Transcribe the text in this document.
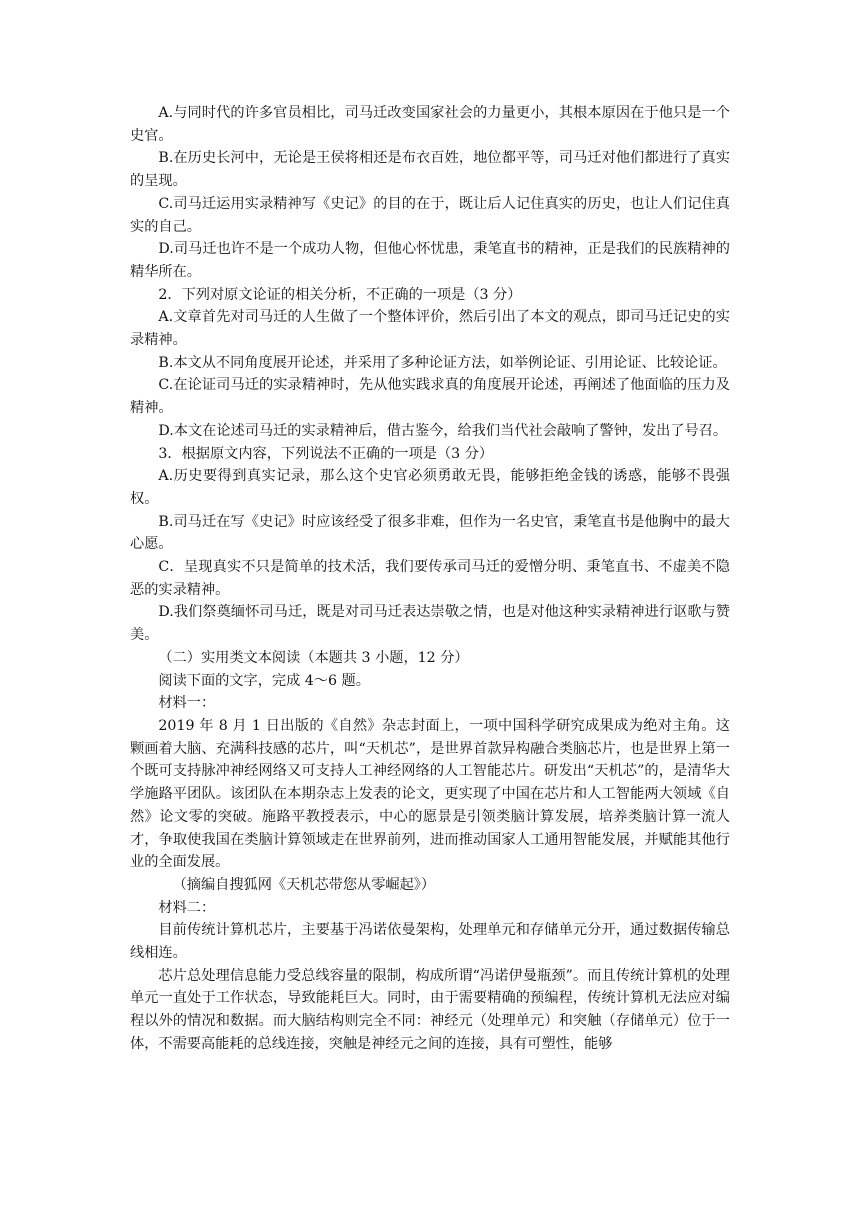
A.与同时代的许多官员相比，司马迁改变国家社会的力量更小，其根本原因在于他只是一个史官。

B.在历史长河中，无论是王侯将相还是布衣百姓，地位都平等，司马迁对他们都进行了真实的呈现。

C.司马迁运用实录精神写《史记》的目的在于，既让后人记住真实的历史，也让人们记住真实的自己。

D.司马迁也许不是一个成功人物，但他心怀忧患，秉笔直书的精神，正是我们的民族精神的精华所在。

2．下列对原文论证的相关分析，不正确的一项是（3 分）

A.文章首先对司马迁的人生做了一个整体评价，然后引出了本文的观点，即司马迁记史的实录精神。

B.本文从不同角度展开论述，并采用了多种论证方法，如举例论证、引用论证、比较论证。

C.在论证司马迁的实录精神时，先从他实践求真的角度展开论述，再阐述了他面临的压力及精神。

D.本文在论述司马迁的实录精神后，借古鉴今，给我们当代社会敲响了警钟，发出了号召。

3．根据原文内容，下列说法不正确的一项是（3 分）

A.历史要得到真实记录，那么这个史官必须勇敢无畏，能够拒绝金钱的诱惑，能够不畏强权。

B.司马迁在写《史记》时应该经受了很多非难，但作为一名史官，秉笔直书是他胸中的最大心愿。

C．呈现真实不只是简单的技术活，我们要传承司马迁的爱憎分明、秉笔直书、不虚美不隐恶的实录精神。

D.我们祭奠缅怀司马迁，既是对司马迁表达崇敬之情，也是对他这种实录精神进行讴歌与赞美。

（二）实用类文本阅读（本题共 3 小题，12 分）

阅读下面的文字，完成 4～6 题。

材料一：

2019 年 8 月 1 日出版的《自然》杂志封面上，一项中国科学研究成果成为绝对主角。这颗画着大脑、充满科技感的芯片，叫“天机芯”，是世界首款异构融合类脑芯片，也是世界上第一个既可支持脉冲神经网络又可支持人工神经网络的人工智能芯片。研发出“天机芯”的，是清华大学施路平团队。该团队在本期杂志上发表的论文，更实现了中国在芯片和人工智能两大领域《自然》论文零的突破。施路平教授表示，中心的愿景是引领类脑计算发展，培养类脑计算一流人才，争取使我国在类脑计算领域走在世界前列，进而推动国家人工通用智能发展，并赋能其他行业的全面发展。

（摘编自搜狐网《天机芯带您从零崛起》）

材料二：

目前传统计算机芯片，主要基于冯诺依曼架构，处理单元和存储单元分开，通过数据传输总线相连。

芯片总处理信息能力受总线容量的限制，构成所谓“冯诺伊曼瓶颈”。而且传统计算机的处理单元一直处于工作状态，导致能耗巨大。同时，由于需要精确的预编程，传统计算机无法应对编程以外的情况和数据。而大脑结构则完全不同：神经元（处理单元）和突触（存储单元）位于一体，不需要高能耗的总线连接，突触是神经元之间的连接，具有可塑性，能够
